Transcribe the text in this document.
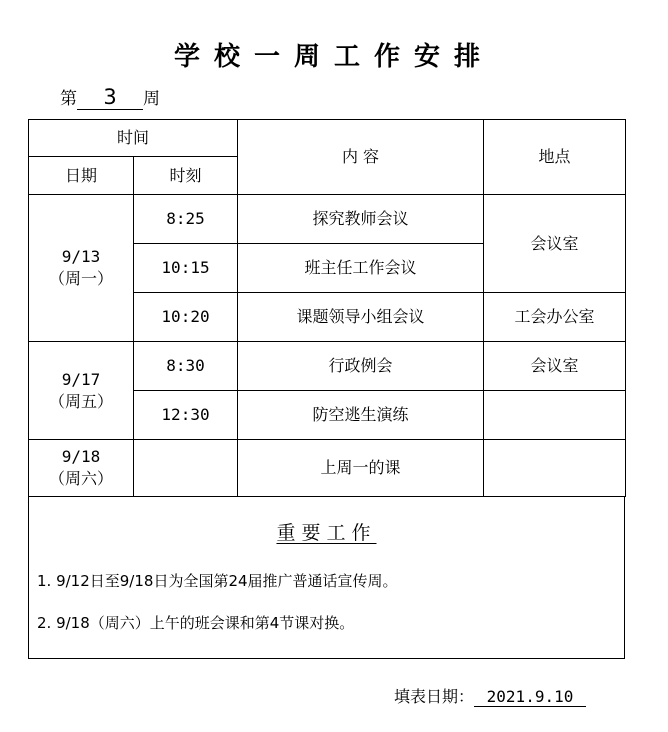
学校一周工作安排
第 3 周
时间		内 容	地点
日期	时刻		

9/13
（周一）	8:25	探究教师会议	会议室
	10:15	班主任工作会议	
	10:20	课题领导小组会议	工会办公室

9/17
（周五）	8:30	行政例会	会议室
	12:30	防空逃生演练	

9/18
（周六）		上周一的课	
重要工作
1. 9/12日至9/18日为全国第24届推广普通话宣传周。
2. 9/18（周六）上午的班会课和第4节课对换。
填表日期： 2021.9.10
